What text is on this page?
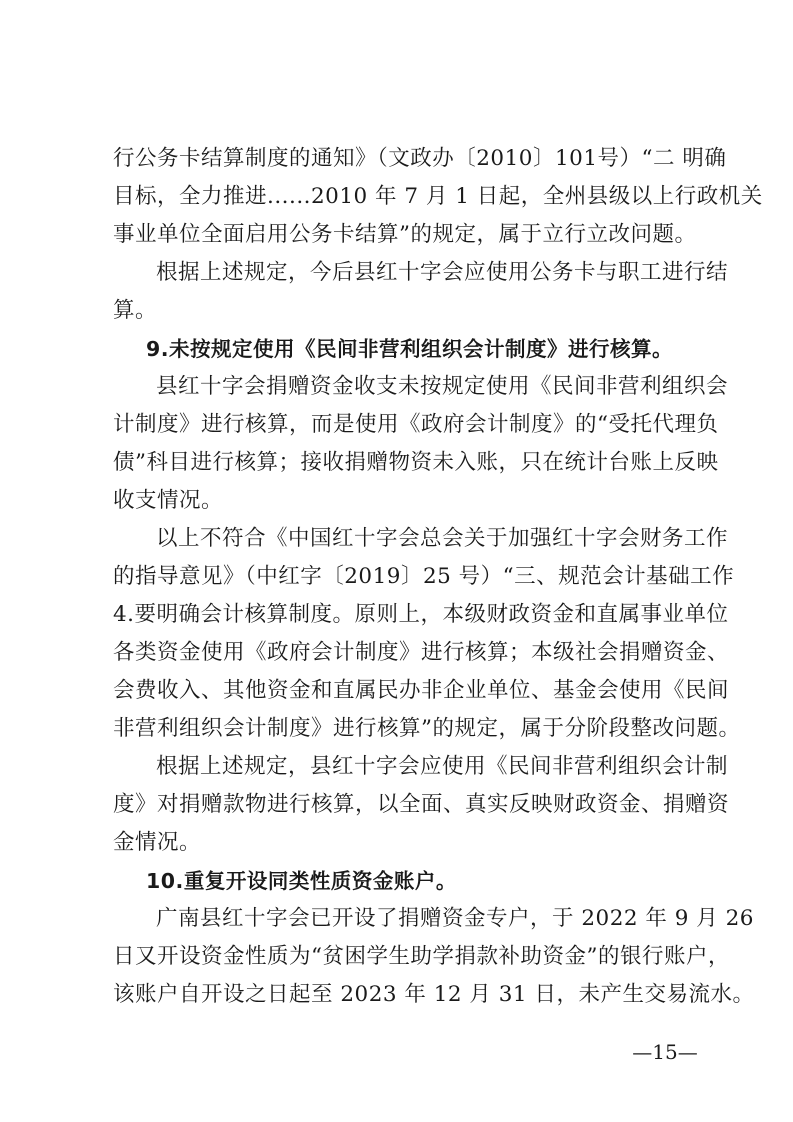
行公务卡结算制度的通知》（文政办〔2010〕101号）“二 明确
目标，全力推进......2010 年 7 月 1 日起，全州县级以上行政机关
事业单位全面启用公务卡结算”的规定，属于立行立改问题。
根据上述规定，今后县红十字会应使用公务卡与职工进行结
算。
9.未按规定使用《民间非营利组织会计制度》进行核算。
县红十字会捐赠资金收支未按规定使用《民间非营利组织会
计制度》进行核算，而是使用《政府会计制度》的“受托代理负
债”科目进行核算；接收捐赠物资未入账，只在统计台账上反映
收支情况。
以上不符合《中国红十字会总会关于加强红十字会财务工作
的指导意见》（中红字〔2019〕25 号）“三、规范会计基础工作
4.要明确会计核算制度。原则上，本级财政资金和直属事业单位
各类资金使用《政府会计制度》进行核算；本级社会捐赠资金、
会费收入、其他资金和直属民办非企业单位、基金会使用《民间
非营利组织会计制度》进行核算”的规定，属于分阶段整改问题。
根据上述规定，县红十字会应使用《民间非营利组织会计制
度》对捐赠款物进行核算，以全面、真实反映财政资金、捐赠资
金情况。
10.重复开设同类性质资金账户。
广南县红十字会已开设了捐赠资金专户，于 2022 年 9 月 26
日又开设资金性质为“贫困学生助学捐款补助资金”的银行账户，
该账户自开设之日起至 2023 年 12 月 31 日，未产生交易流水。
—15—
